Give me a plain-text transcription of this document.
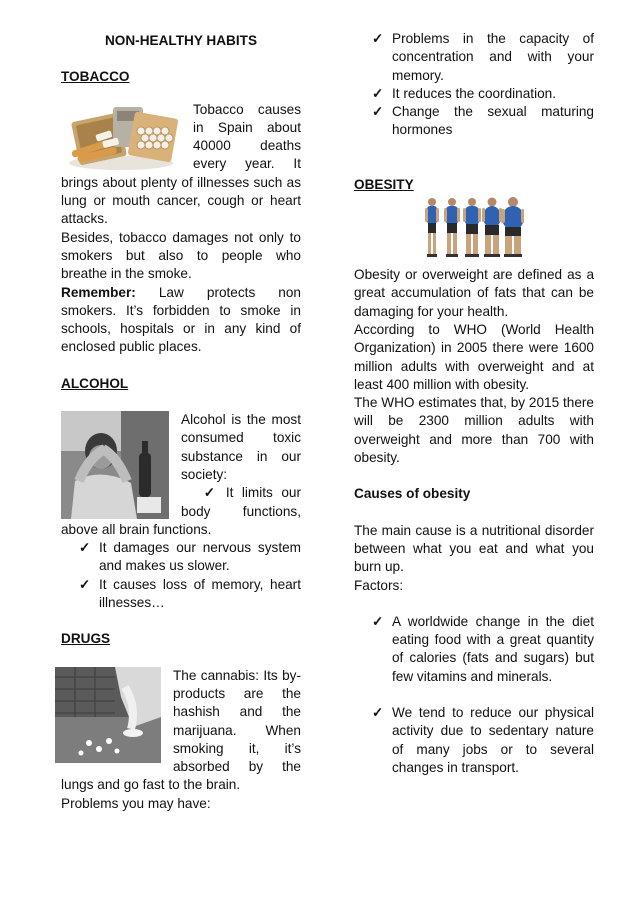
NON-HEALTHY HABITS

TOBACCO

Tobacco causes in Spain about 40000 deaths every year. It brings about plenty of illnesses such as lung or mouth cancer, cough or heart attacks.

Besides, tobacco damages not only to smokers but also to people who breathe in the smoke.

Remember: Law protects non smokers. It’s forbidden to smoke in schools, hospitals or in any kind of enclosed public places.

ALCOHOL

Alcohol is the most consumed toxic substance in our society:

✓ It limits our body functions, above all brain functions.

✓ It damages our nervous system and makes us slower.
✓ It causes loss of memory, heart illnesses…

DRUGS

The cannabis: Its by-products are the hashish and the marijuana. When smoking it, it’s absorbed by the lungs and go fast to the brain.

Problems you may have:

✓ Problems in the capacity of concentration and with your memory.
✓ It reduces the coordination.
✓ Change the sexual maturing hormones

OBESITY

Obesity or overweight are defined as a great accumulation of fats that can be damaging for your health.

According to WHO (World Health Organization) in 2005 there were 1600 million adults with overweight and at least 400 million with obesity.

The WHO estimates that, by 2015 there will be 2300 million adults with overweight and more than 700 with obesity.

Causes of obesity

The main cause is a nutritional disorder between what you eat and what you burn up.

Factors:

✓ A worldwide change in the diet eating food with a great quantity of calories (fats and sugars) but few vitamins and minerals.
✓ We tend to reduce our physical activity due to sedentary nature of many jobs or to several changes in transport.
